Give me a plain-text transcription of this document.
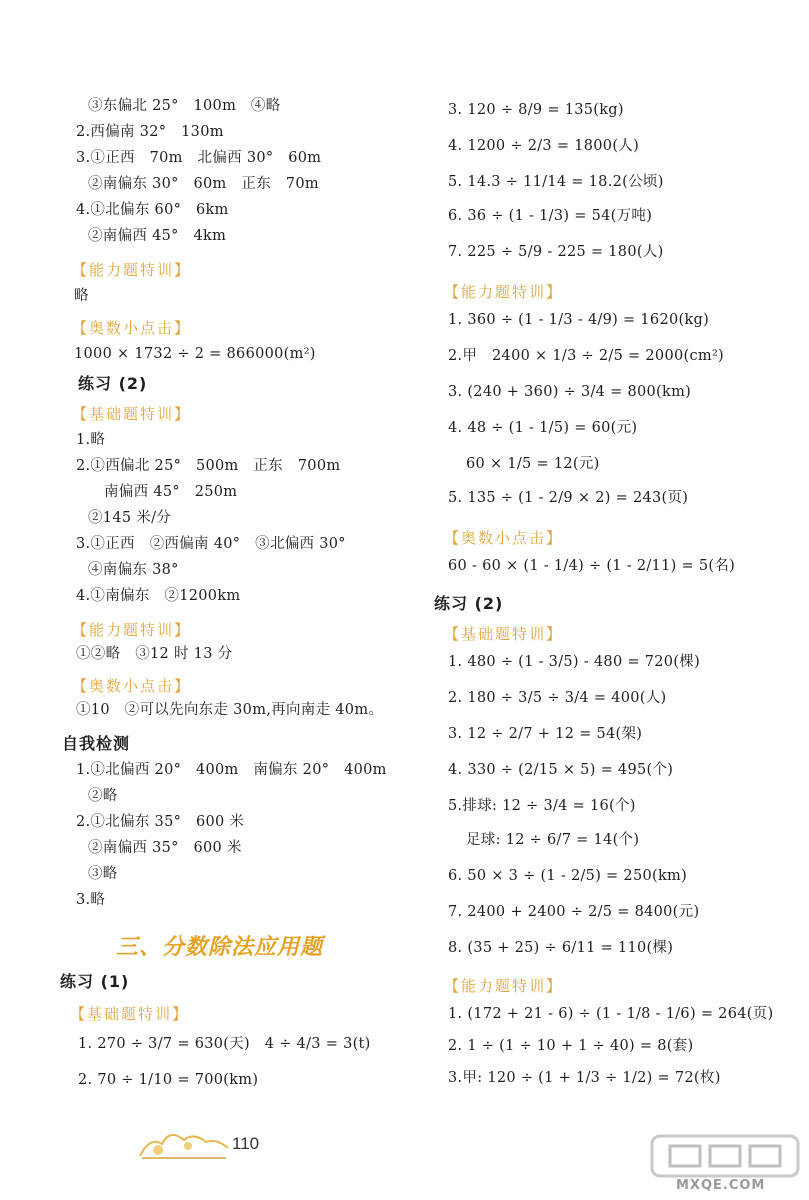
③东偏北 25°　100m　④略
2.西偏南 32°　130m
3.①正西　70m　北偏西 30°　60m
②南偏东 30°　60m　正东　70m
4.①北偏东 60°　6km
②南偏西 45°　4km
【能力题特训】
略
【奥数小点击】
1000 × 1732 ÷ 2 = 866000(m²)
练习 (2)
【基础题特训】
1.略
2.①西偏北 25°　500m　正东　700m
南偏西 45°　250m
②145 米/分
3.①正西　②西偏南 40°　③北偏西 30°
④南偏东 38°
4.①南偏东　②1200km
【能力题特训】
①②略　③12 时 13 分
【奥数小点击】
①10　②可以先向东走 30m,再向南走 40m。
自我检测
1.①北偏西 20°　400m　南偏东 20°　400m
②略
2.①北偏东 35°　600 米
②南偏西 35°　600 米
③略
3.略
练习 (1)
【基础题特训】
1. 270 ÷ 3/7 = 630(天)　4 ÷ 4/3 = 3(t)
2. 70 ÷ 1/10 = 700(km)
3. 120 ÷ 8/9 = 135(kg)
4. 1200 ÷ 2/3 = 1800(人)
5. 14.3 ÷ 11/14 = 18.2(公顷)
6. 36 ÷ (1 - 1/3) = 54(万吨)
7. 225 ÷ 5/9 - 225 = 180(人)
【能力题特训】
1. 360 ÷ (1 - 1/3 - 4/9) = 1620(kg)
2.甲　2400 × 1/3 ÷ 2/5 = 2000(cm²)
3. (240 + 360) ÷ 3/4 = 800(km)
4. 48 ÷ (1 - 1/5) = 60(元)
60 × 1/5 = 12(元)
5. 135 ÷ (1 - 2/9 × 2) = 243(页)
【奥数小点击】
60 - 60 × (1 - 1/4) ÷ (1 - 2/11) = 5(名)
练习 (2)
【基础题特训】
1. 480 ÷ (1 - 3/5) - 480 = 720(棵)
2. 180 ÷ 3/5 ÷ 3/4 = 400(人)
3. 12 ÷ 2/7 + 12 = 54(架)
4. 330 ÷ (2/15 × 5) = 495(个)
5.排球: 12 ÷ 3/4 = 16(个)
足球: 12 ÷ 6/7 = 14(个)
6. 50 × 3 ÷ (1 - 2/5) = 250(km)
7. 2400 + 2400 ÷ 2/5 = 8400(元)
8. (35 + 25) ÷ 6/11 = 110(棵)
【能力题特训】
1. (172 + 21 - 6) ÷ (1 - 1/8 - 1/6) = 264(页)
2. 1 ÷ (1 ÷ 10 + 1 ÷ 40) = 8(套)
3.甲: 120 ÷ (1 + 1/3 ÷ 1/2) = 72(枚)
三、分数除法应用题
110
MXQE.COM
